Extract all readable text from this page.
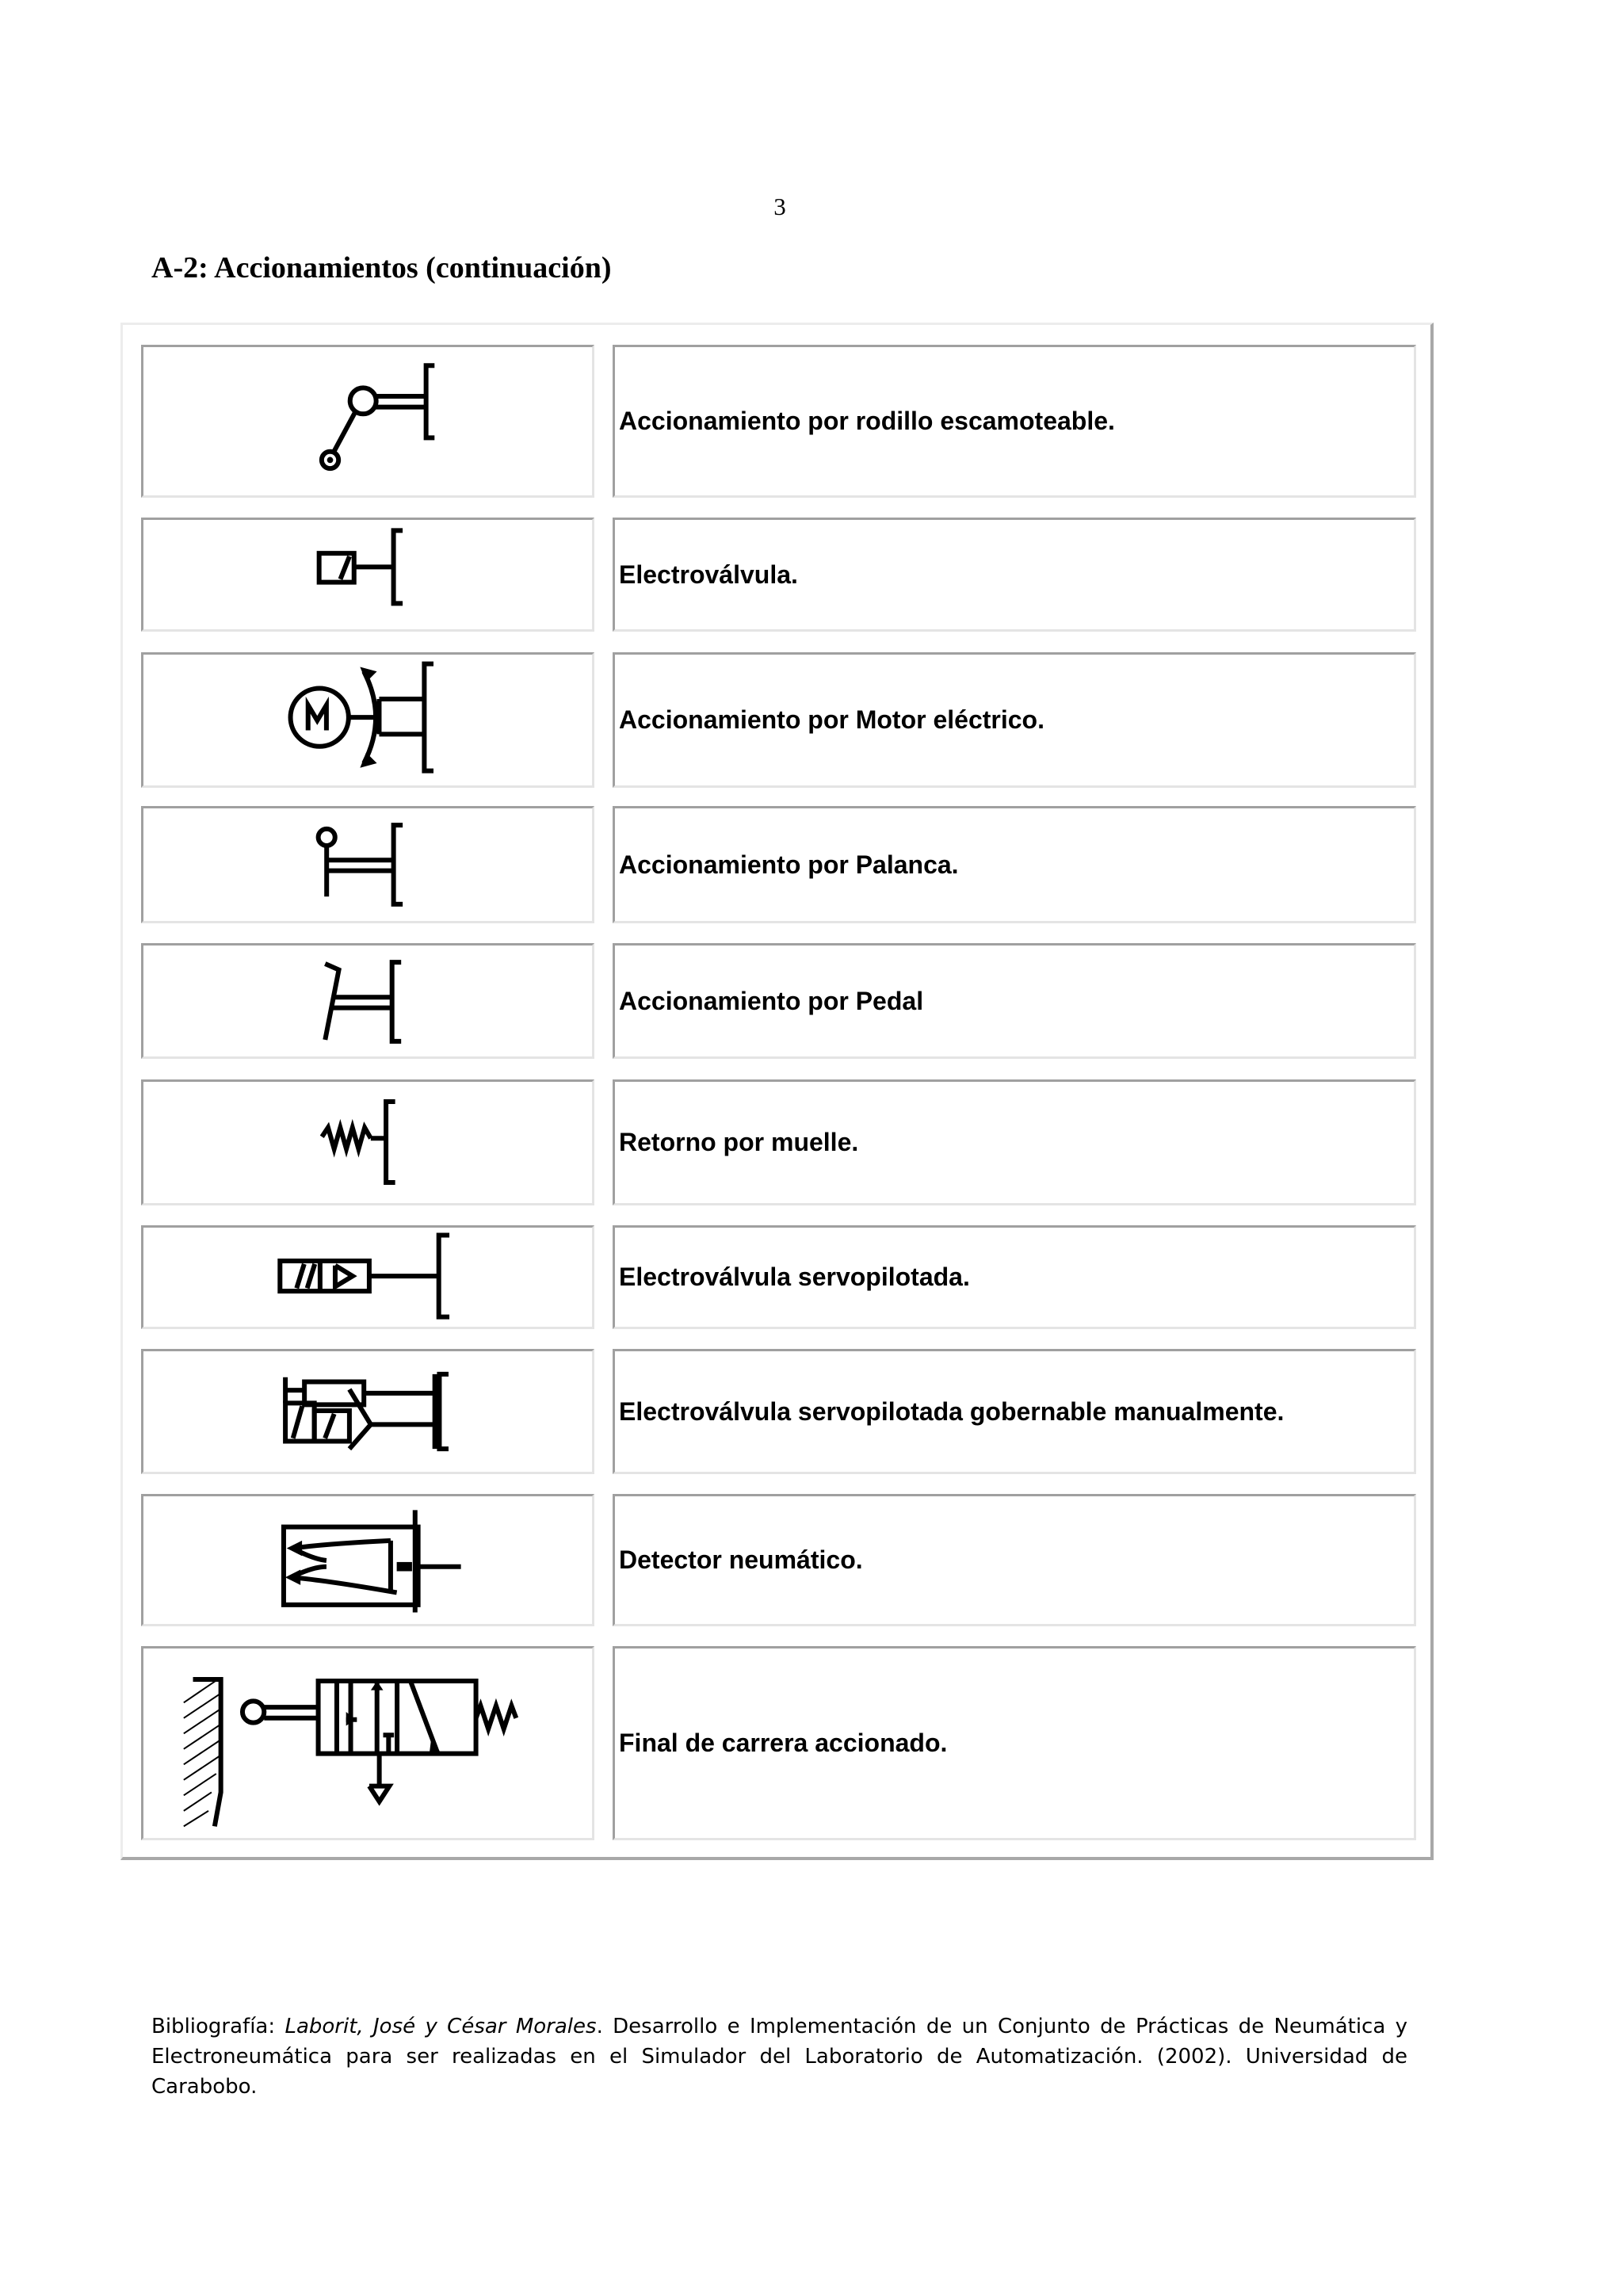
3
A-2: Accionamientos (continuación)
Accionamiento por rodillo escamoteable.
Electroválvula.
Accionamiento por Motor eléctrico.
Accionamiento por Palanca.
Accionamiento por Pedal
Retorno por muelle.
Electroválvula servopilotada.
Electroválvula servopilotada gobernable manualmente.
Detector neumático.
Final de carrera accionado.

Bibliografía: Laborit, José y César Morales. Desarrollo e Implementación de un Conjunto de Prácticas de Neumática y Electroneumática para ser realizadas en el Simulador del Laboratorio de Automatización. (2002). Universidad de Carabobo.
